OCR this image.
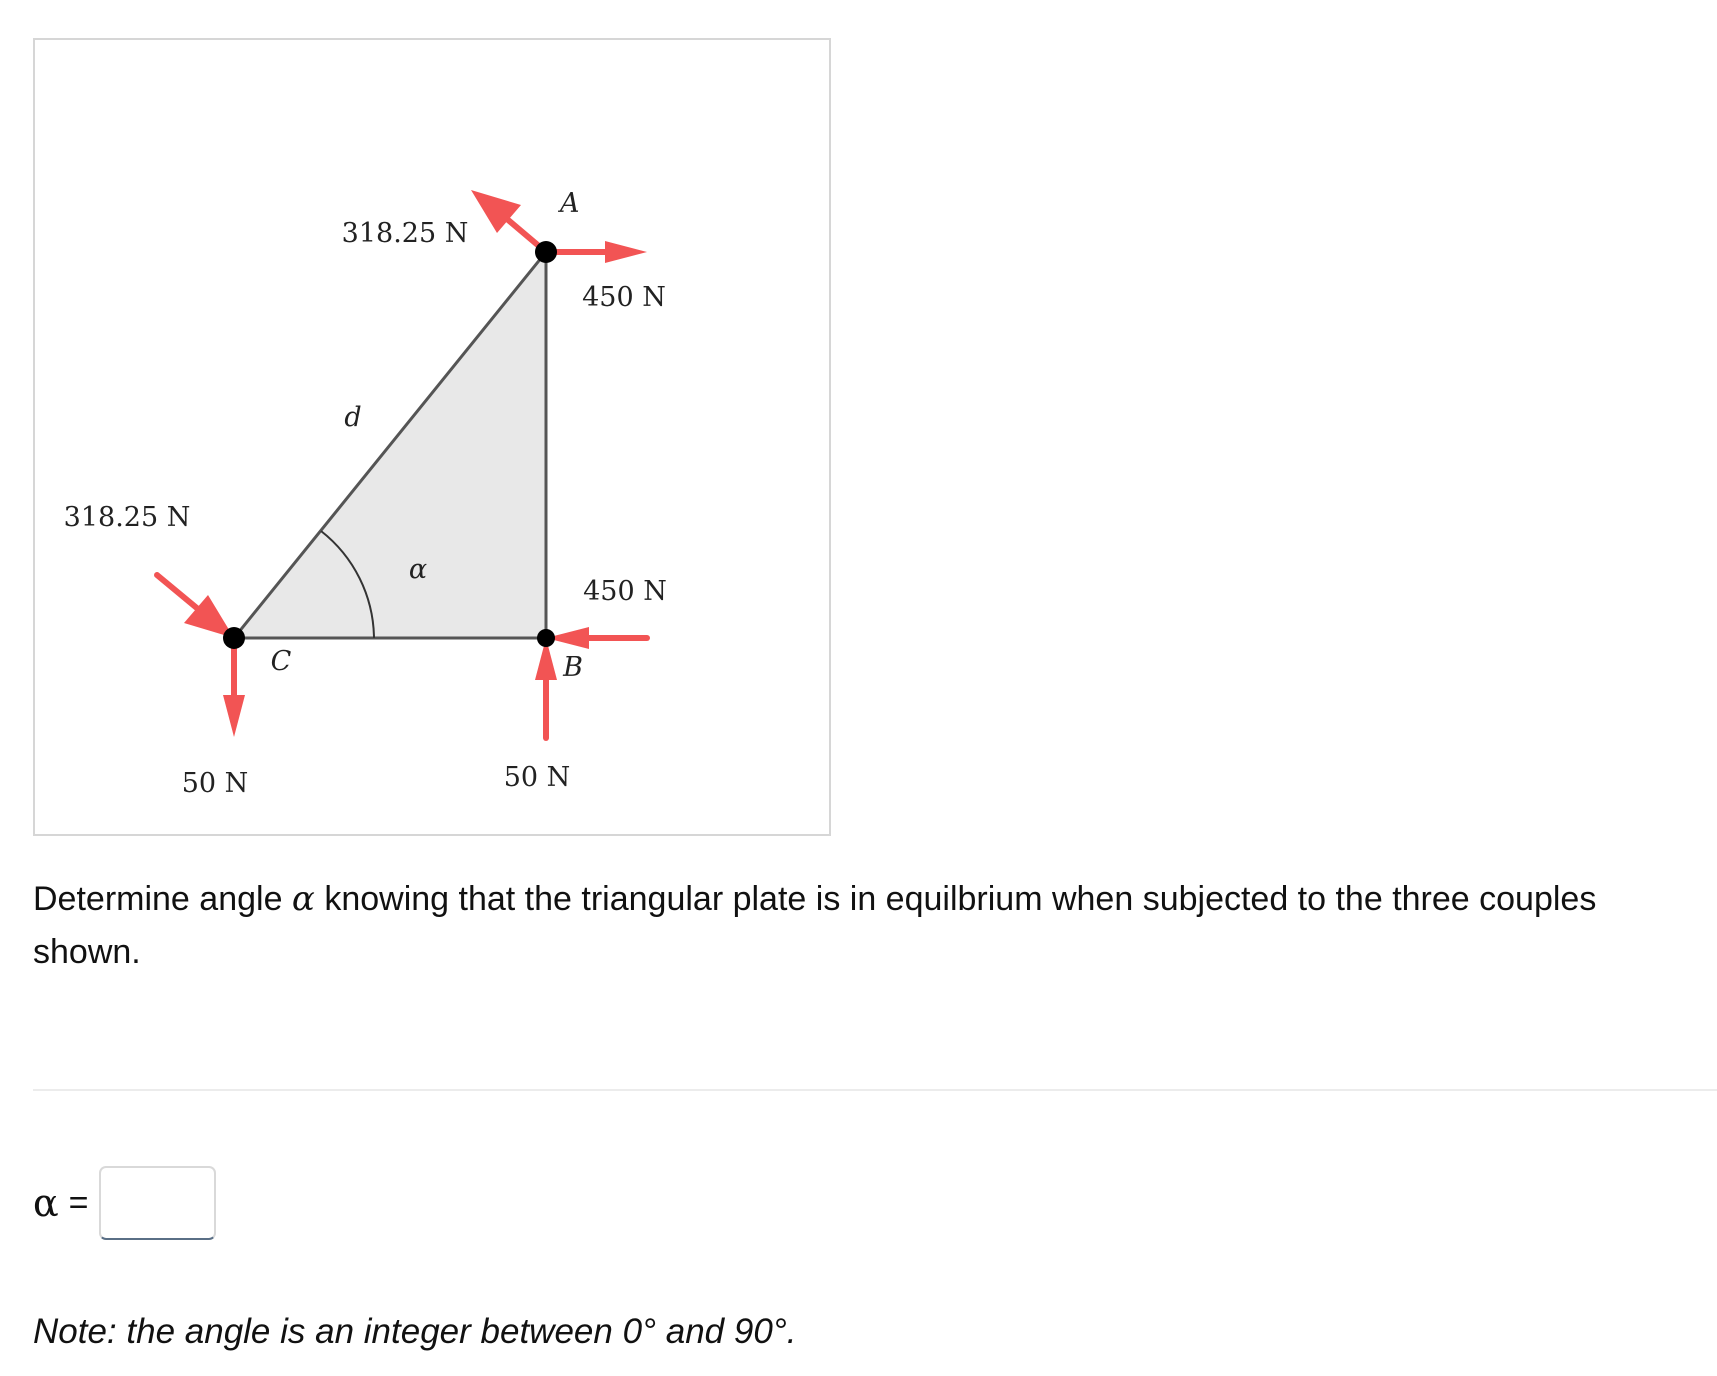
A
B
C
d
α
318.25 N
318.25 N
450 N
450 N
50 N	50 N
Determine angle α knowing that the triangular plate is in equilbrium when subjected to the three couples shown.
α =
Note: the angle is an integer between 0° and 90°.
